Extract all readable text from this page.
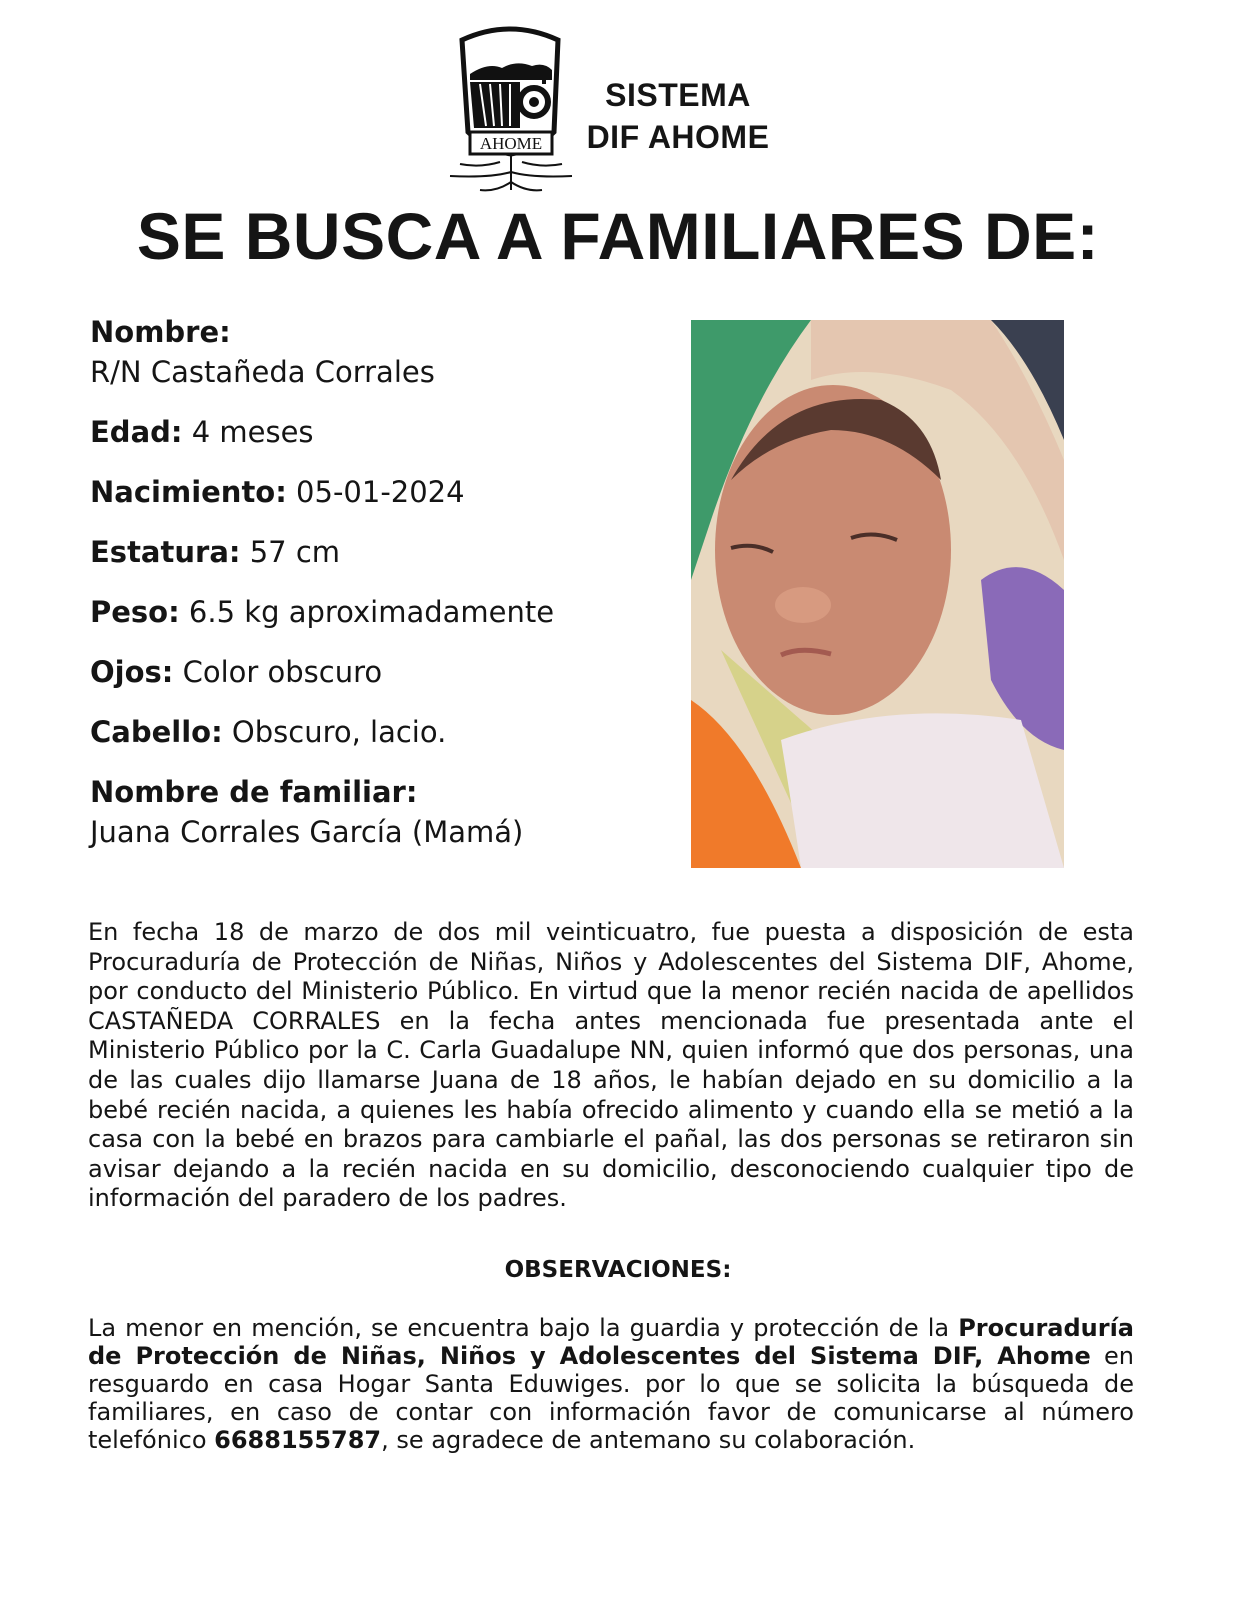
AHOME
SISTEMA
DIF AHOME
SE BUSCA A FAMILIARES DE:
Nombre:
R/N Castañeda Corrales
Edad: 4 meses
Nacimiento: 05-01-2024
Estatura: 57 cm
Peso: 6.5 kg aproximadamente
Ojos: Color obscuro
Cabello: Obscuro, lacio.
Nombre de familiar:
Juana Corrales García (Mamá)
En fecha 18 de marzo de dos mil veinticuatro, fue puesta a disposición de esta Procuraduría de Protección de Niñas, Niños y Adolescentes del Sistema DIF, Ahome, por conducto del Ministerio Público. En virtud que la menor recién nacida de apellidos CASTAÑEDA CORRALES en la fecha antes mencionada fue presentada ante el Ministerio Público por la C. Carla Guadalupe NN, quien informó que dos personas, una de las cuales dijo llamarse Juana de 18 años, le habían dejado en su domicilio a la bebé recién nacida, a quienes les había ofrecido alimento y cuando ella se metió a la casa con la bebé en brazos para cambiarle el pañal, las dos personas se retiraron sin avisar dejando a la recién nacida en su domicilio, desconociendo cualquier tipo de información del paradero de los padres.
OBSERVACIONES:
La menor en mención, se encuentra bajo la guardia y protección de la Procuraduría de Protección de Niñas, Niños y Adolescentes del Sistema DIF, Ahome en resguardo en casa Hogar Santa Eduwiges. por lo que se solicita la búsqueda de familiares, en caso de contar con información favor de comunicarse al número telefónico 6688155787, se agradece de antemano su colaboración.
